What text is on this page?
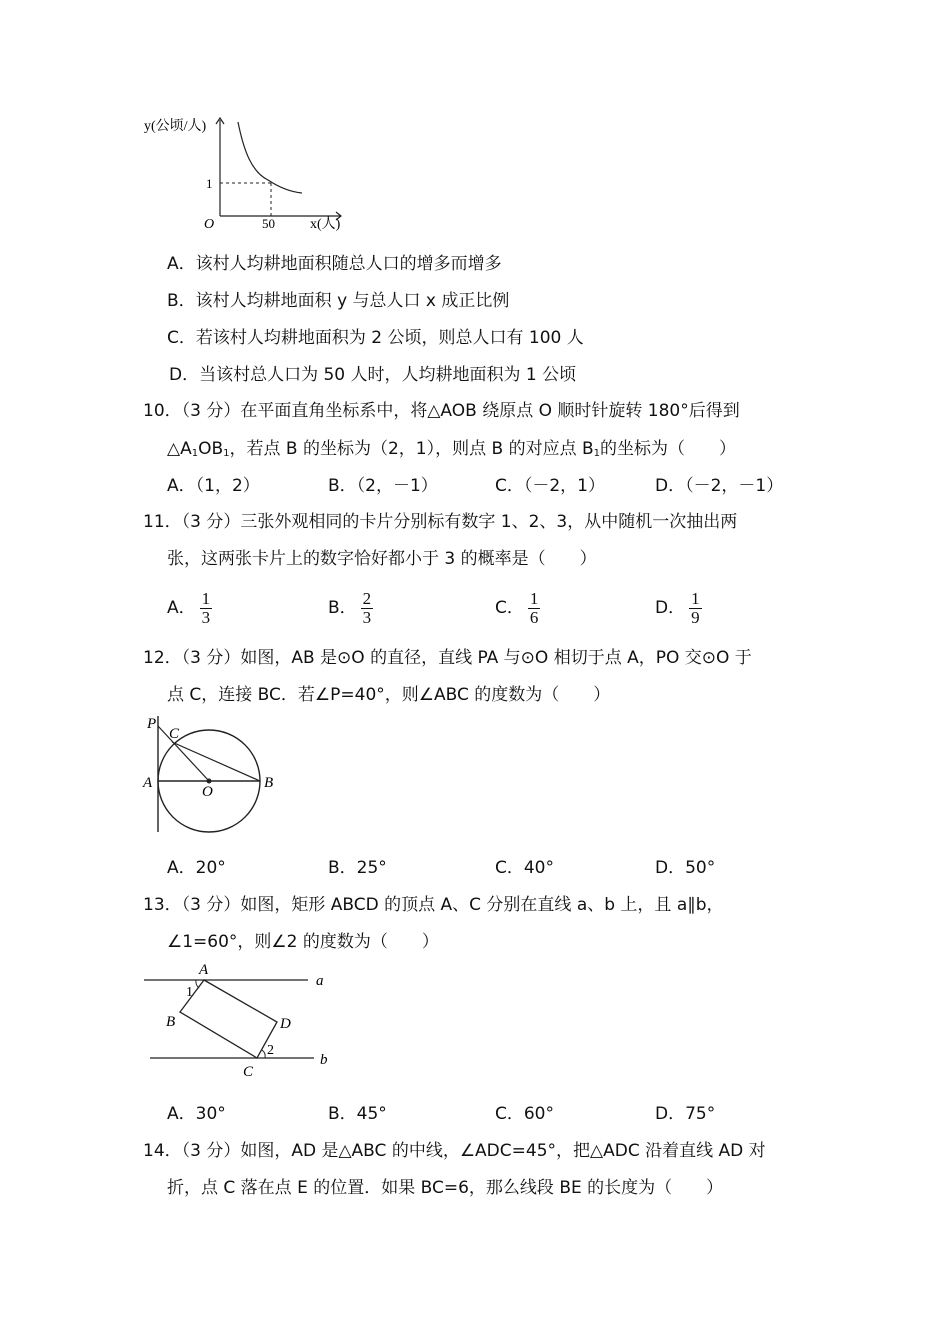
y(公顷/人)
x(人)
O
1
50
A．该村人均耕地面积随总人口的增多而增多
B．该村人均耕地面积 y 与总人口 x 成正比例
C．若该村人均耕地面积为 2 公顷，则总人口有 100 人
D．当该村总人口为 50 人时，人均耕地面积为 1 公顷
10．（3 分）在平面直角坐标系中，将△AOB 绕原点 O 顺时针旋转 180°后得到
$\triangle A_1OB_1$，若点 B 的坐标为（2，1），则点 B 的对应点 $B_1$的坐标为（　　）
A．（1，2）	B．（2，－1）	C．（－2，1）	D．（－2，－1）
11．（3 分）三张外观相同的卡片分别标有数字 1、2、3，从中随机一次抽出两
张，这两张卡片上的数字恰好都小于 3 的概率是（　　）
A． $\frac{1}{3}$	B． $\frac{2}{3}$	C． $\frac{1}{6}$	D． $\frac{1}{9}$
12．（3 分）如图，AB 是⊙O 的直径，直线 PA 与⊙O 相切于点 A，PO 交⊙O 于
点 C，连接 BC．若∠P=40°，则∠ABC 的度数为（　　）
P
C
A
O
B
A．20°	B．25°	C．40°	D．50°
13．（3 分）如图，矩形 ABCD 的顶点 A、C 分别在直线 a、b 上，且 a∥b，
∠1=60°，则∠2 的度数为（　　）
A
1
B	D
2
C
a
b
A．30°	B．45°	C．60°	D．75°
14．（3 分）如图，AD 是△ABC 的中线，∠ADC=45°，把△ADC 沿着直线 AD 对
折，点 C 落在点 E 的位置．如果 BC=6，那么线段 BE 的长度为（　　）
